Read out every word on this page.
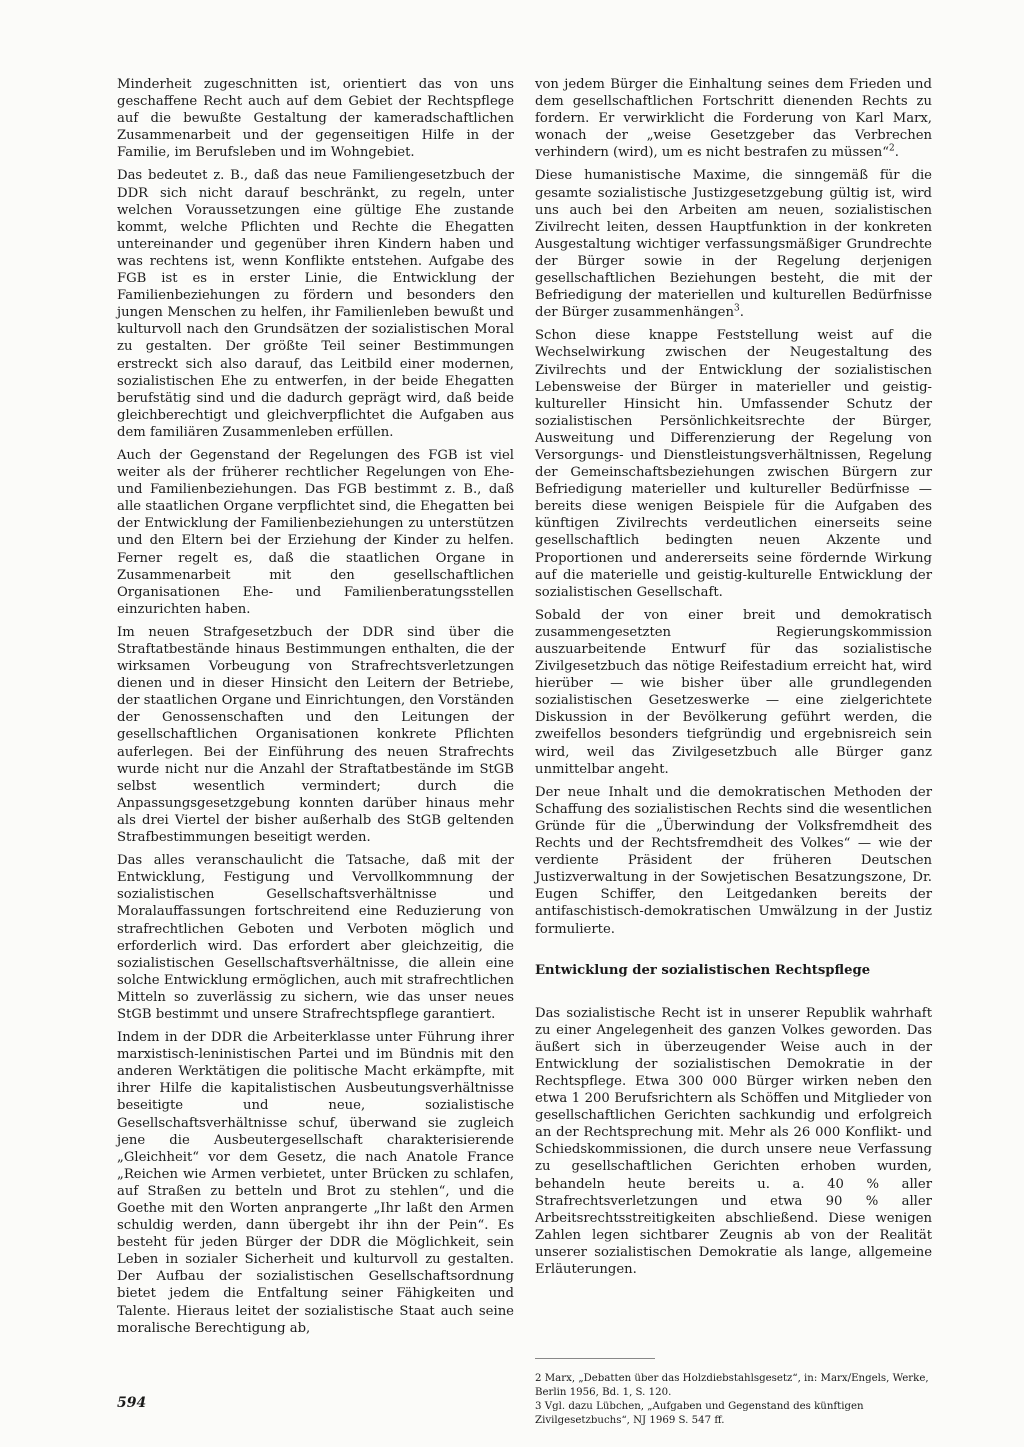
Minderheit zugeschnitten ist, orientiert das von uns geschaffene Recht auch auf dem Gebiet der Rechtspflege auf die bewußte Gestaltung der kameradschaftlichen Zusammenarbeit und der gegenseitigen Hilfe in der Familie, im Berufsleben und im Wohngebiet.

Das bedeutet z. B., daß das neue Familiengesetzbuch der DDR sich nicht darauf beschränkt, zu regeln, unter welchen Voraussetzungen eine gültige Ehe zustande kommt, welche Pflichten und Rechte die Ehegatten untereinander und gegenüber ihren Kindern haben und was rechtens ist, wenn Konflikte entstehen. Aufgabe des FGB ist es in erster Linie, die Entwicklung der Familienbeziehungen zu fördern und besonders den jungen Menschen zu helfen, ihr Familienleben bewußt und kulturvoll nach den Grundsätzen der sozialistischen Moral zu gestalten. Der größte Teil seiner Bestimmungen erstreckt sich also darauf, das Leitbild einer modernen, sozialistischen Ehe zu entwerfen, in der beide Ehegatten berufstätig sind und die dadurch geprägt wird, daß beide gleichberechtigt und gleichverpflichtet die Aufgaben aus dem familiären Zusammenleben erfüllen.

Auch der Gegenstand der Regelungen des FGB ist viel weiter als der früherer rechtlicher Regelungen von Ehe- und Familienbeziehungen. Das FGB bestimmt z. B., daß alle staatlichen Organe verpflichtet sind, die Ehegatten bei der Entwicklung der Familienbeziehungen zu unterstützen und den Eltern bei der Erziehung der Kinder zu helfen. Ferner regelt es, daß die staatlichen Organe in Zusammenarbeit mit den gesellschaftlichen Organisationen Ehe- und Familienberatungsstellen einzurichten haben.

Im neuen Strafgesetzbuch der DDR sind über die Straftatbestände hinaus Bestimmungen enthalten, die der wirksamen Vorbeugung von Strafrechtsverletzungen dienen und in dieser Hinsicht den Leitern der Betriebe, der staatlichen Organe und Einrichtungen, den Vorständen der Genossenschaften und den Leitungen der gesellschaftlichen Organisationen konkrete Pflichten auferlegen. Bei der Einführung des neuen Strafrechts wurde nicht nur die Anzahl der Straftatbestände im StGB selbst wesentlich vermindert; durch die Anpassungsgesetzgebung konnten darüber hinaus mehr als drei Viertel der bisher außerhalb des StGB geltenden Strafbestimmungen beseitigt werden.

Das alles veranschaulicht die Tatsache, daß mit der Entwicklung, Festigung und Vervollkommnung der sozialistischen Gesellschaftsverhältnisse und Moralauffassungen fortschreitend eine Reduzierung von strafrechtlichen Geboten und Verboten möglich und erforderlich wird. Das erfordert aber gleichzeitig, die sozialistischen Gesellschaftsverhältnisse, die allein eine solche Entwicklung ermöglichen, auch mit strafrechtlichen Mitteln so zuverlässig zu sichern, wie das unser neues StGB bestimmt und unsere Strafrechtspflege garantiert.

Indem in der DDR die Arbeiterklasse unter Führung ihrer marxistisch-leninistischen Partei und im Bündnis mit den anderen Werktätigen die politische Macht erkämpfte, mit ihrer Hilfe die kapitalistischen Ausbeutungsverhältnisse beseitigte und neue, sozialistische Gesellschaftsverhältnisse schuf, überwand sie zugleich jene die Ausbeutergesellschaft charakterisierende „Gleichheit“ vor dem Gesetz, die nach Anatole France „Reichen wie Armen verbietet, unter Brücken zu schlafen, auf Straßen zu betteln und Brot zu stehlen“, und die Goethe mit den Worten anprangerte „Ihr laßt den Armen schuldig werden, dann übergebt ihr ihn der Pein“. Es besteht für jeden Bürger der DDR die Möglichkeit, sein Leben in sozialer Sicherheit und kulturvoll zu gestalten. Der Aufbau der sozialistischen Gesellschaftsordnung bietet jedem die Entfaltung seiner Fähigkeiten und Talente. Hieraus leitet der sozialistische Staat auch seine moralische Berechtigung ab,

von jedem Bürger die Einhaltung seines dem Frieden und dem gesellschaftlichen Fortschritt dienenden Rechts zu fordern. Er verwirklicht die Forderung von Karl Marx, wonach der „weise Gesetzgeber das Verbrechen verhindern (wird), um es nicht bestrafen zu müssen“$^2$.

Diese humanistische Maxime, die sinngemäß für die gesamte sozialistische Justizgesetzgebung gültig ist, wird uns auch bei den Arbeiten am neuen, sozialistischen Zivilrecht leiten, dessen Hauptfunktion in der konkreten Ausgestaltung wichtiger verfassungsmäßiger Grundrechte der Bürger sowie in der Regelung derjenigen gesellschaftlichen Beziehungen besteht, die mit der Befriedigung der materiellen und kulturellen Bedürfnisse der Bürger zusammenhängen$^3$.

Schon diese knappe Feststellung weist auf die Wechselwirkung zwischen der Neugestaltung des Zivilrechts und der Entwicklung der sozialistischen Lebensweise der Bürger in materieller und geistig-kultureller Hinsicht hin. Umfassender Schutz der sozialistischen Persönlichkeitsrechte der Bürger, Ausweitung und Differenzierung der Regelung von Versorgungs- und Dienstleistungsverhältnissen, Regelung der Gemeinschaftsbeziehungen zwischen Bürgern zur Befriedigung materieller und kultureller Bedürfnisse — bereits diese wenigen Beispiele für die Aufgaben des künftigen Zivilrechts verdeutlichen einerseits seine gesellschaftlich bedingten neuen Akzente und Proportionen und andererseits seine fördernde Wirkung auf die materielle und geistig-kulturelle Entwicklung der sozialistischen Gesellschaft.

Sobald der von einer breit und demokratisch zusammengesetzten Regierungskommission auszuarbeitende Entwurf für das sozialistische Zivilgesetzbuch das nötige Reifestadium erreicht hat, wird hierüber — wie bisher über alle grundlegenden sozialistischen Gesetzeswerke — eine zielgerichtete Diskussion in der Bevölkerung geführt werden, die zweifellos besonders tiefgründig und ergebnisreich sein wird, weil das Zivilgesetzbuch alle Bürger ganz unmittelbar angeht.

Der neue Inhalt und die demokratischen Methoden der Schaffung des sozialistischen Rechts sind die wesentlichen Gründe für die „Überwindung der Volksfremdheit des Rechts und der Rechtsfremdheit des Volkes“ — wie der verdiente Präsident der früheren Deutschen Justizverwaltung in der Sowjetischen Besatzungszone, Dr. Eugen Schiffer, den Leitgedanken bereits der antifaschistisch-demokratischen Umwälzung in der Justiz formulierte.

Entwicklung der sozialistischen Rechtspflege

Das sozialistische Recht ist in unserer Republik wahrhaft zu einer Angelegenheit des ganzen Volkes geworden. Das äußert sich in überzeugender Weise auch in der Entwicklung der sozialistischen Demokratie in der Rechtspflege. Etwa 300 000 Bürger wirken neben den etwa 1 200 Berufsrichtern als Schöffen und Mitglieder von gesellschaftlichen Gerichten sachkundig und erfolgreich an der Rechtsprechung mit. Mehr als 26 000 Konflikt- und Schiedskommissionen, die durch unsere neue Verfassung zu gesellschaftlichen Gerichten erhoben wurden, behandeln heute bereits u. a. 40 % aller Strafrechtsverletzungen und etwa 90 % aller Arbeitsrechtsstreitigkeiten abschließend. Diese wenigen Zahlen legen sichtbarer Zeugnis ab von der Realität unserer sozialistischen Demokratie als lange, allgemeine Erläuterungen.

2 Marx, „Debatten über das Holzdiebstahlsgesetz“, in: Marx/Engels, Werke, Berlin 1956, Bd. 1, S. 120.

3 Vgl. dazu Lübchen, „Aufgaben und Gegenstand des künftigen Zivilgesetzbuchs“, NJ 1969 S. 547 ff.

594
